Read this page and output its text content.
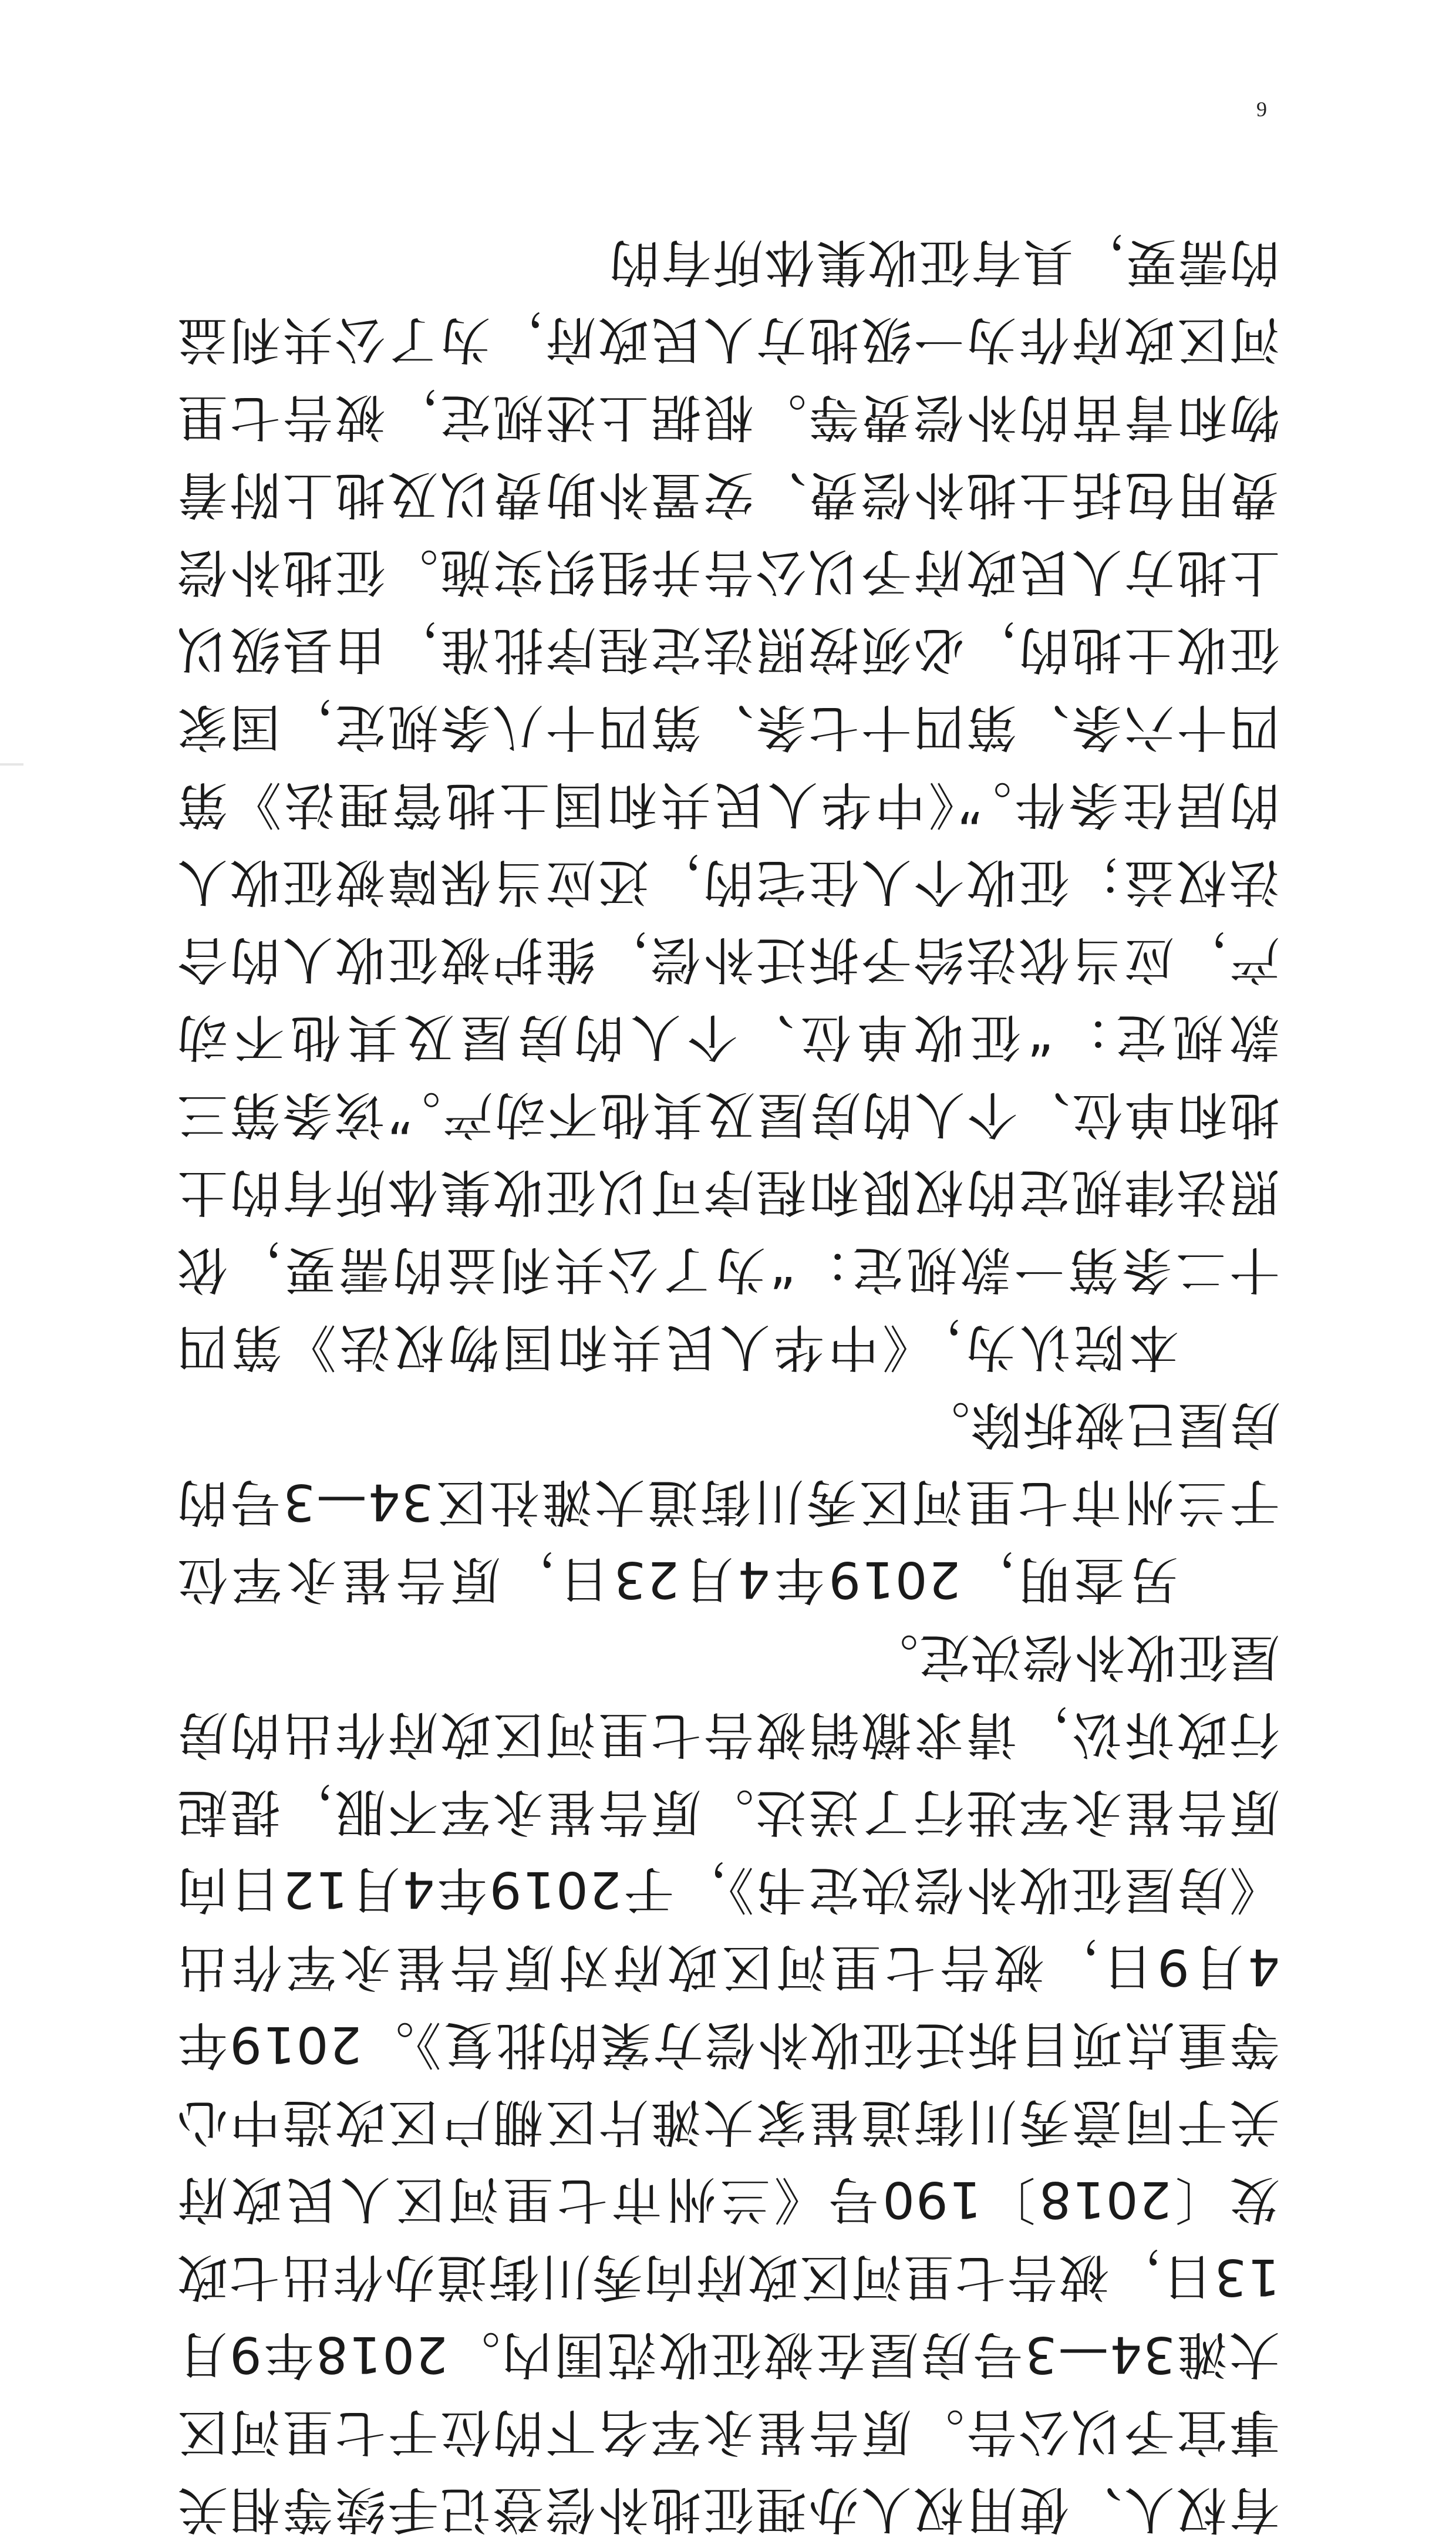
9

有权人、使用权人办理征地补偿登记手续等相关事宜予以公告。原告崔永军名下的位于七里河区大滩34—3号房屋在被征收范围内。2018年9月13日，被告七里河区政府向秀川街道办作出七政发〔2018〕190号《兰州市七里河区人民政府关于同意秀川街道崔家大滩片区棚户区改造中心等重点项目拆迁征收补偿方案的批复》。2019年4月9日，被告七里河区政府对原告崔永军作出《房屋征收补偿决定书》，于2019年4月12日向原告崔永军进行了送达。原告崔永军不服，提起行政诉讼，请求撤销被告七里河区政府作出的房屋征收补偿决定。

另查明，2019年4月23日，原告崔永军位于兰州市七里河区秀川街道大滩社区34—3号的房屋已被拆除。

本院认为，《中华人民共和国物权法》第四十二条第一款规定：“为了公共利益的需要，依照法律规定的权限和程序可以征收集体所有的土地和单位、个人的房屋及其他不动产。”该条第三款规定：“征收单位、个人的房屋及其他不动产，应当依法给予拆迁补偿，维护被征收人的合法权益；征收个人住宅的，还应当保障被征收人的居住条件。”《中华人民共和国土地管理法》第四十六条、第四十七条、第四十八条规定，国家征收土地的，必须按照法定程序批准，由县级以上地方人民政府予以公告并组织实施。征地补偿费用包括土地补偿费、安置补助费以及地上附着物和青苗的补偿费等。根据上述规定，被告七里河区政府作为一级地方人民政府，为了公共利益的需要，具有征收集体所有的
